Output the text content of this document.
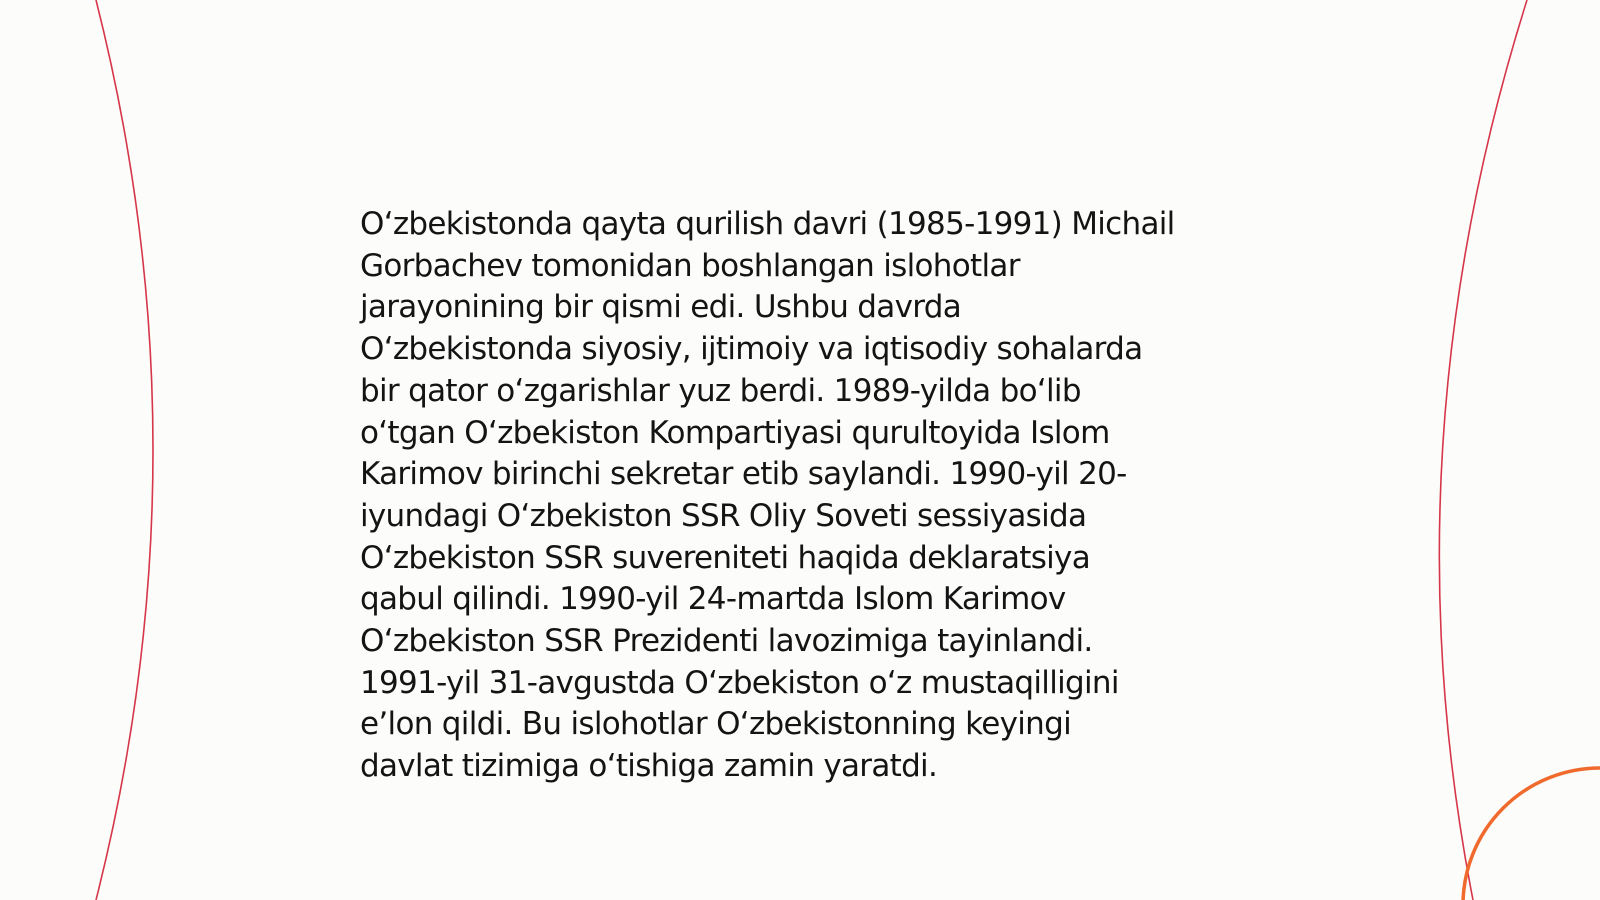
O‘zbekistonda qayta qurilish davri (1985-1991) Michail
Gorbachev tomonidan boshlangan islohotlar
jarayonining bir qismi edi. Ushbu davrda
O‘zbekistonda siyosiy, ijtimoiy va iqtisodiy sohalarda
bir qator o‘zgarishlar yuz berdi. 1989-yilda bo‘lib
o‘tgan O‘zbekiston Kompartiyasi qurultoyida Islom
Karimov birinchi sekretar etib saylandi. 1990-yil 20-
iyundagi O‘zbekiston SSR Oliy Soveti sessiyasida
O‘zbekiston SSR suvereniteti haqida deklaratsiya
qabul qilindi. 1990-yil 24-martda Islom Karimov
O‘zbekiston SSR Prezidenti lavozimiga tayinlandi.
1991-yil 31-avgustda O‘zbekiston o‘z mustaqilligini
e’lon qildi. Bu islohotlar O‘zbekistonning keyingi
davlat tizimiga o‘tishiga zamin yaratdi.
